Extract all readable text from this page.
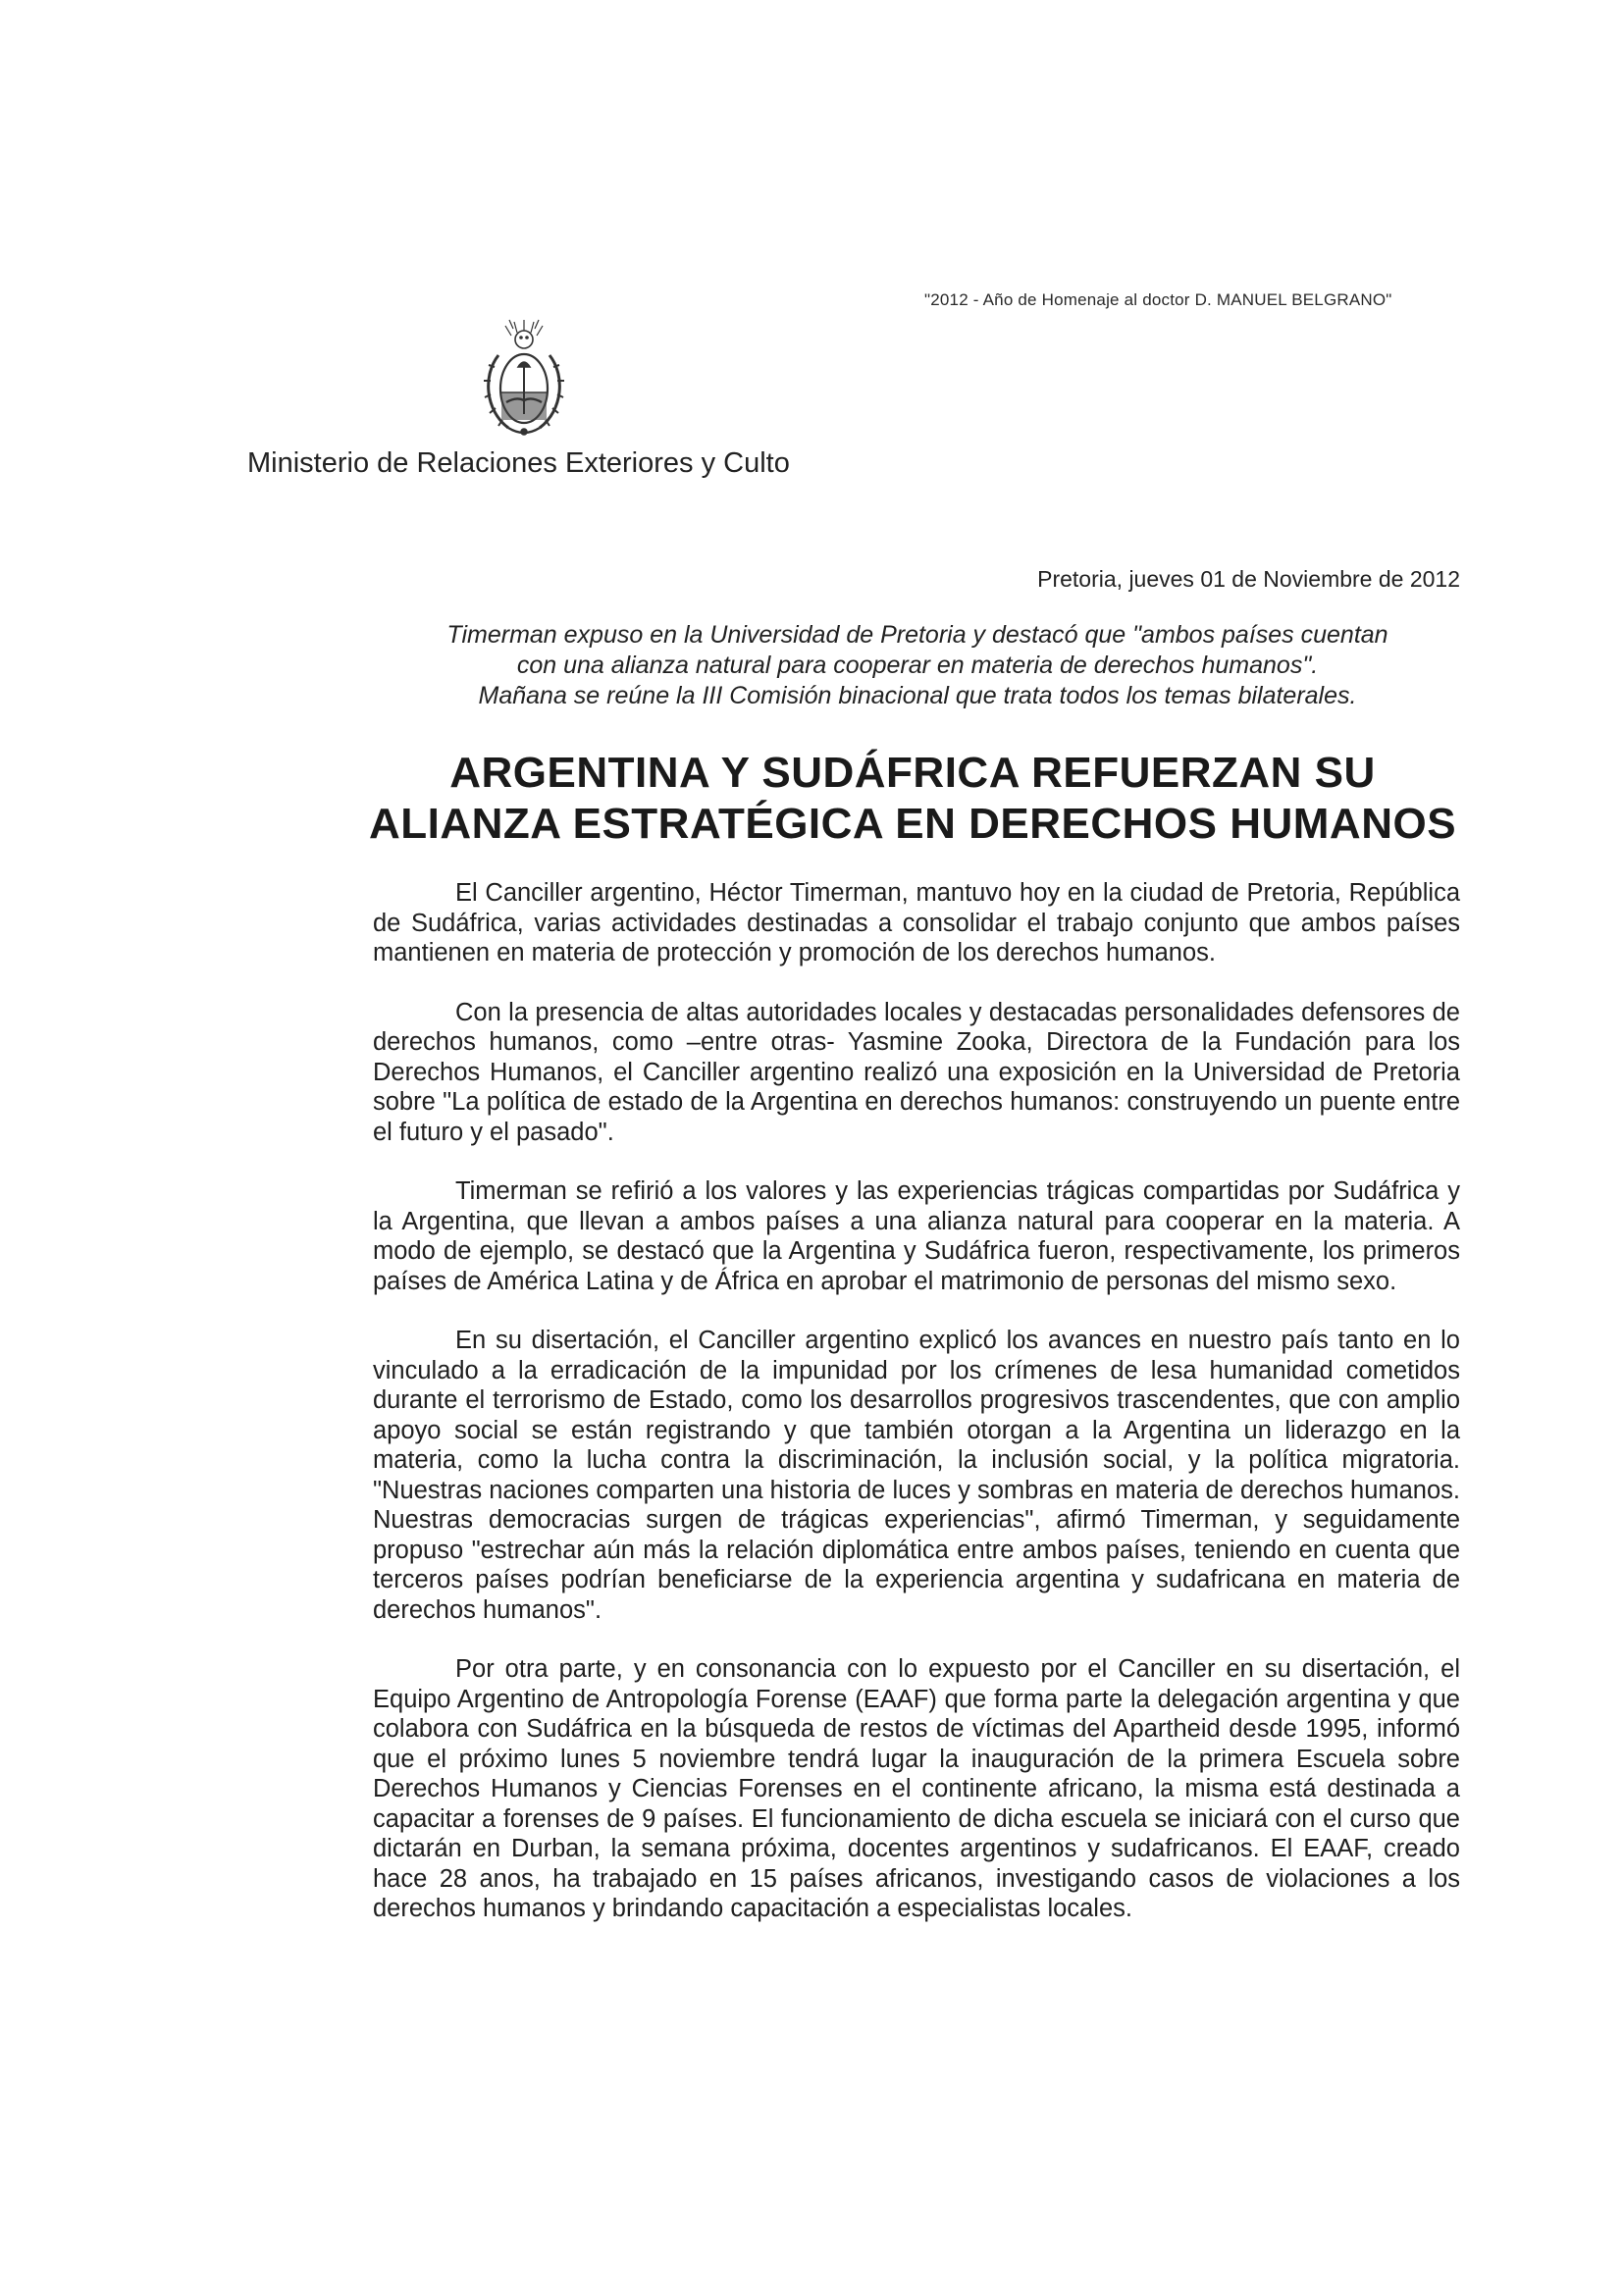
"2012 - Año de Homenaje al doctor D. MANUEL BELGRANO"
Ministerio de Relaciones Exteriores y Culto
Pretoria, jueves 01 de Noviembre de 2012
Timerman expuso en la Universidad de Pretoria y destacó que "ambos países cuentan
con una alianza natural para cooperar en materia de derechos humanos".
Mañana se reúne la III Comisión binacional que trata todos los temas bilaterales.
ARGENTINA Y SUDÁFRICA REFUERZAN SU
ALIANZA ESTRATÉGICA EN DERECHOS HUMANOS

El Canciller argentino, Héctor Timerman, mantuvo hoy en la ciudad de Pretoria, República de Sudáfrica, varias actividades destinadas a consolidar el trabajo conjunto que ambos países mantienen en materia de protección y promoción de los derechos humanos.

Con la presencia de altas autoridades locales y destacadas personalidades defensores de derechos humanos, como –entre otras- Yasmine Zooka, Directora de la Fundación para los Derechos Humanos, el Canciller argentino realizó una exposición en la Universidad de Pretoria sobre "La política de estado de la Argentina en derechos humanos: construyendo un puente entre el futuro y el pasado".

Timerman se refirió a los valores y las experiencias trágicas compartidas por Sudáfrica y la Argentina, que llevan a ambos países a una alianza natural para cooperar en la materia. A modo de ejemplo, se destacó que la Argentina y Sudáfrica fueron, respectivamente, los primeros países de América Latina y de África en aprobar el matrimonio de personas del mismo sexo.

En su disertación, el Canciller argentino explicó los avances en nuestro país tanto en lo vinculado a la erradicación de la impunidad por los crímenes de lesa humanidad cometidos durante el terrorismo de Estado, como los desarrollos progresivos trascendentes, que con amplio apoyo social se están registrando y que también otorgan a la Argentina un liderazgo en la materia, como la lucha contra la discriminación, la inclusión social, y la política migratoria. "Nuestras naciones comparten una historia de luces y sombras en materia de derechos humanos. Nuestras democracias surgen de trágicas experiencias", afirmó Timerman, y seguidamente propuso "estrechar aún más la relación diplomática entre ambos países, teniendo en cuenta que terceros países podrían beneficiarse de la experiencia argentina y sudafricana en materia de derechos humanos".

Por otra parte, y en consonancia con lo expuesto por el Canciller en su disertación, el Equipo Argentino de Antropología Forense (EAAF) que forma parte la delegación argentina y que colabora con Sudáfrica en la búsqueda de restos de víctimas del Apartheid desde 1995, informó que el próximo lunes 5 noviembre tendrá lugar la inauguración de la primera Escuela sobre Derechos Humanos y Ciencias Forenses en el continente africano, la misma está destinada a capacitar a forenses de 9 países. El funcionamiento de dicha escuela se iniciará con el curso que dictarán en Durban, la semana próxima, docentes argentinos y sudafricanos. El EAAF, creado hace 28 anos, ha trabajado en 15 países africanos, investigando casos de violaciones a los derechos humanos y brindando capacitación a especialistas locales.
